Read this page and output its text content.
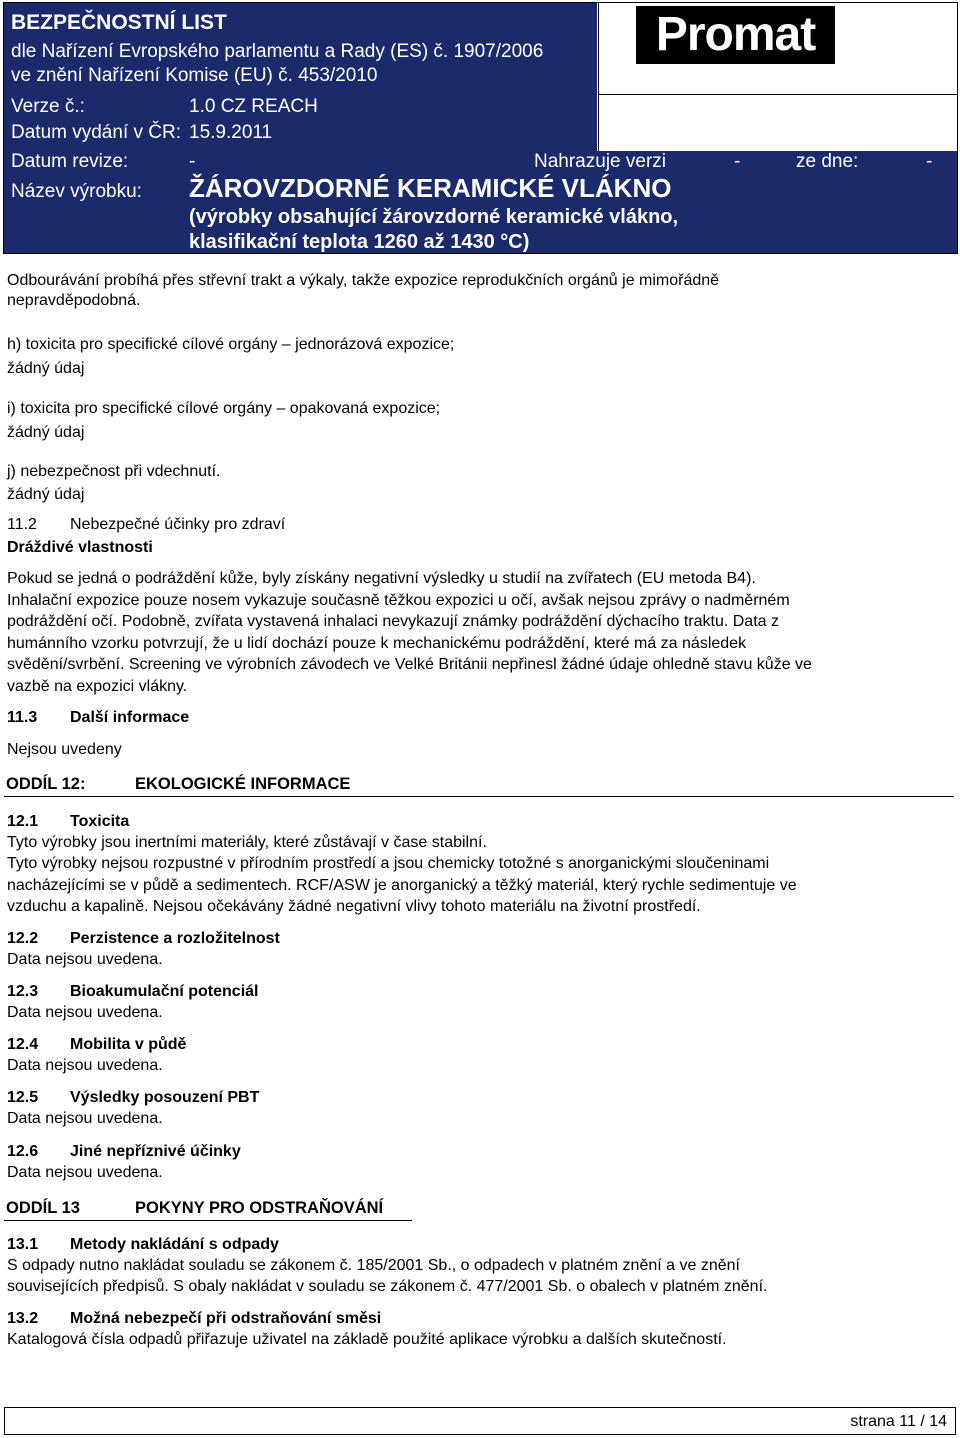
BEZPEČNOSTNÍ LIST
dle Nařízení Evropského parlamentu a Rady (ES) č. 1907/2006
ve znění Nařízení Komise (EU) č. 453/2010
Promat
Verze č.:	1.0 CZ REACH
Datum vydání v ČR: 15.9.2011
Datum revize:	-	Nahrazuje verzi	-	ze dne:	-
Název výrobku: ŽÁROVZDORNÉ KERAMICKÉ VLÁKNO
(výrobky obsahující žárovzdorné keramické vlákno,
klasifikační teplota 1260 až 1430 °C)
Odbourávání probíhá přes střevní trakt a výkaly, takže expozice reprodukčních orgánů je mimořádně
nepravděpodobná.
h) toxicita pro specifické cílové orgány – jednorázová expozice;
žádný údaj
i) toxicita pro specifické cílové orgány – opakovaná expozice;
žádný údaj
j) nebezpečnost při vdechnutí.
žádný údaj
11.2 Nebezpečné účinky pro zdraví
Dráždivé vlastnosti
Pokud se jedná o podráždění kůže, byly získány negativní výsledky u studií na zvířatech (EU metoda B4).
Inhalační expozice pouze nosem vykazuje současně těžkou expozici u očí, avšak nejsou zprávy o nadměrném
podráždění očí. Podobně, zvířata vystavená inhalaci nevykazují známky podráždění dýchacího traktu. Data z
humánního vzorku potvrzují, že u lidí dochází pouze k mechanickému podráždění, které má za následek
svědění/svrbění. Screening ve výrobních závodech ve Velké Británii nepřinesl žádné údaje ohledně stavu kůže ve
vazbě na expozici vlákny.
11.3 Další informace
Nejsou uvedeny
ODDÍL 12:	EKOLOGICKÉ INFORMACE
12.1 Toxicita
Tyto výrobky jsou inertními materiály, které zůstávají v čase stabilní.
Tyto výrobky nejsou rozpustné v přírodním prostředí a jsou chemicky totožné s anorganickými sloučeninami
nacházejícími se v půdě a sedimentech. RCF/ASW je anorganický a těžký materiál, který rychle sedimentuje ve
vzduchu a kapalině. Nejsou očekávány žádné negativní vlivy tohoto materiálu na životní prostředí.
12.2 Perzistence a rozložitelnost
Data nejsou uvedena.
12.3 Bioakumulační potenciál
Data nejsou uvedena.
12.4 Mobilita v půdě
Data nejsou uvedena.
12.5 Výsledky posouzení PBT
Data nejsou uvedena.
12.6 Jiné nepříznivé účinky
Data nejsou uvedena.
ODDÍL 13	POKYNY PRO ODSTRAŇOVÁNÍ
13.1 Metody nakládání s odpady
S odpady nutno nakládat souladu se zákonem č. 185/2001 Sb., o odpadech v platném znění a ve znění
souvisejících předpisů. S obaly nakládat v souladu se zákonem č. 477/2001 Sb. o obalech v platném znění.
13.2 Možná nebezpečí při odstraňování směsi
Katalogová čísla odpadů přiřazuje uživatel na základě použité aplikace výrobku a dalších skutečností.
strana 11 / 14
